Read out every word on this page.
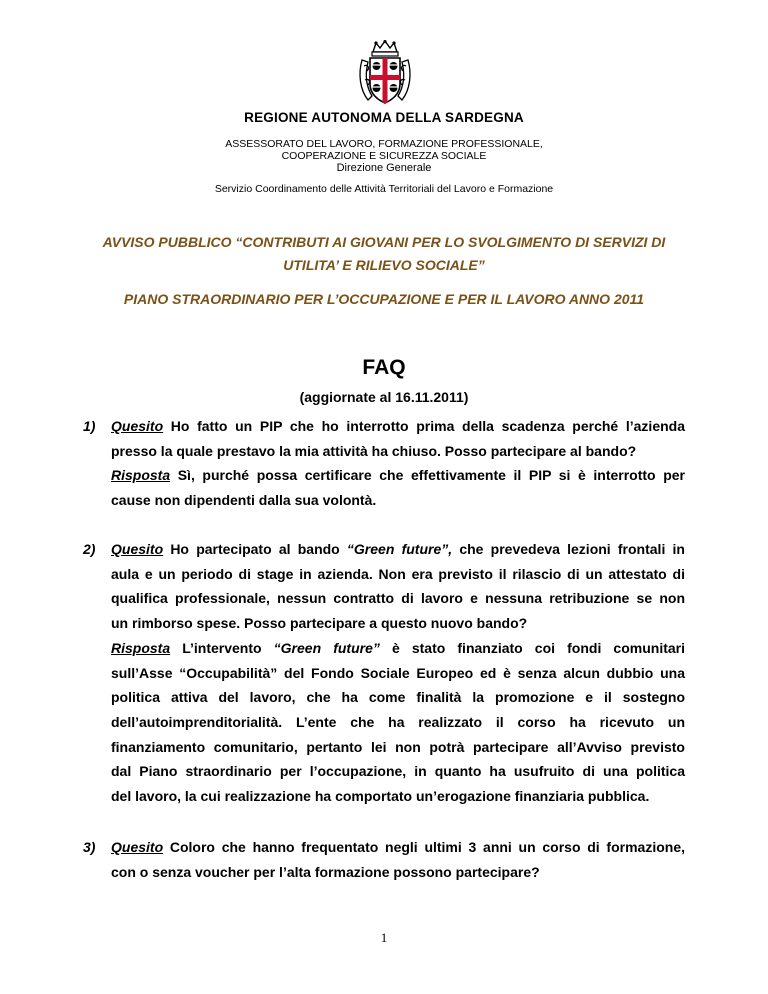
REGIONE AUTONOMA DELLA SARDEGNA
ASSESSORATO DEL LAVORO, FORMAZIONE PROFESSIONALE,
COOPERAZIONE E SICUREZZA SOCIALE
Direzione Generale
Servizio Coordinamento delle Attività Territoriali del Lavoro e Formazione
AVVISO PUBBLICO “CONTRIBUTI AI GIOVANI PER LO SVOLGIMENTO DI SERVIZI DI
UTILITA’ E RILIEVO SOCIALE”
PIANO STRAORDINARIO PER L’OCCUPAZIONE E PER IL LAVORO ANNO 2011
FAQ
(aggiornate al 16.11.2011)
1) Quesito Ho fatto un PIP che ho interrotto prima della scadenza perché l’azienda
presso la quale prestavo la mia attività ha chiuso. Posso partecipare al bando?
Risposta Sì, purché possa certificare che effettivamente il PIP si è interrotto per
cause non dipendenti dalla sua volontà.
2) Quesito Ho partecipato al bando “Green future”, che prevedeva lezioni frontali in
aula e un periodo di stage in azienda. Non era previsto il rilascio di un attestato di
qualifica professionale, nessun contratto di lavoro e nessuna retribuzione se non
un rimborso spese. Posso partecipare a questo nuovo bando?
Risposta L’intervento “Green future” è stato finanziato coi fondi comunitari
sull’Asse “Occupabilità” del Fondo Sociale Europeo ed è senza alcun dubbio una
politica attiva del lavoro, che ha come finalità la promozione e il sostegno
dell’autoimprenditorialità. L’ente che ha realizzato il corso ha ricevuto un
finanziamento comunitario, pertanto lei non potrà partecipare all’Avviso previsto
dal Piano straordinario per l’occupazione, in quanto ha usufruito di una politica
del lavoro, la cui realizzazione ha comportato un’erogazione finanziaria pubblica.
3) Quesito Coloro che hanno frequentato negli ultimi 3 anni un corso di formazione,
con o senza voucher per l’alta formazione possono partecipare?
1
